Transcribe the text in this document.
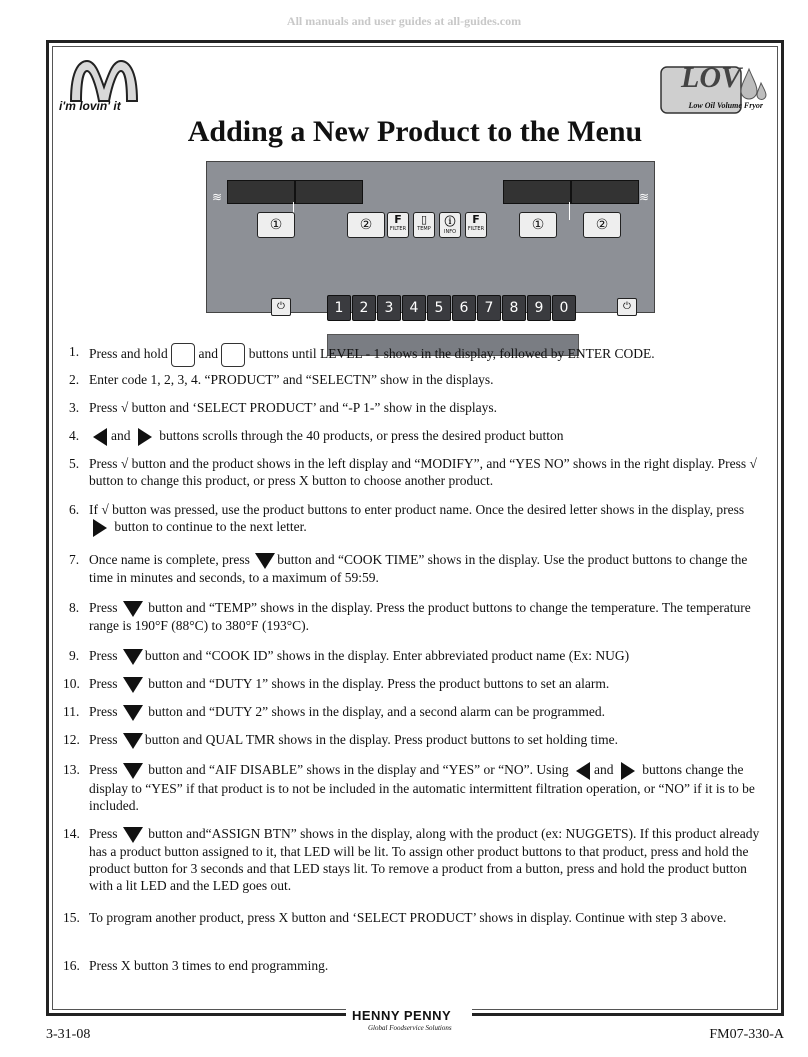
All manuals and user guides at all-guides.com
i'm lovin' it
LOV
Low Oil Volume Fryor
Adding a New Product to the Menu
≋	≋
①	②	①	②
F
FILTER
▯
TEMP
ⓘ
INFO
F
FILTER
⏻	⏻
1	2	3	4	5	6	7	8	9	0
ABC	DEF	GHI	JKL	MNO	PQR	STU	VWX	YZ-	- +
1. Press and hold  and  buttons until LEVEL - 1 shows in the display, followed by ENTER CODE.
2. Enter code 1, 2, 3, 4. “PRODUCT” and “SELECTN” show in the displays.
3. Press √ button and ‘SELECT PRODUCT’ and “-P 1-” show in the displays.
4.	and buttons scrolls through the 40 products, or press the desired product button
5. Press √ button and the product shows in the left display and “MODIFY”, and “YES NO” shows in the right display. Press √ button to change this product, or press X button to choose another product.
6. If √ button was pressed, use the product buttons to enter product name. Once the desired letter shows in the display, press  button to continue to the next letter.
7. Once name is complete, press button and “COOK TIME” shows in the display. Use the product buttons to change the time in minutes and seconds, to a maximum of 59:59.
8. Press button and “TEMP” shows in the display. Press the product buttons to change the temperature. The temperature range is 190°F (88°C) to 380°F (193°C).
9. Press button and “COOK ID” shows in the display. Enter abbreviated product name (Ex: NUG)
10. Press button and “DUTY 1” shows in the display. Press the product buttons to set an alarm.
11. Press button and “DUTY 2” shows in the display, and a second alarm can be programmed.
12. Press button and QUAL TMR shows in the display. Press product buttons to set holding time.
13. Press button and “AIF DISABLE” shows in the display and “YES” or “NO”. Using and buttons change the display to “YES” if that product is to not be included in the automatic intermittent filtration operation, or “NO” if it is to be included.
14. Press button and“ASSIGN BTN” shows in the display, along with the product (ex: NUGGETS). If this product already has a product button assigned to it, that LED will be lit. To assign other product buttons to that product, press and hold the product button for 3 seconds and that LED stays lit. To remove a product from a button, press and hold the product button with a lit LED and the LED goes out.
15. To program another product, press X button and ‘SELECT PRODUCT’ shows in display. Continue with step 3 above.
16. Press X button 3 times to end programming.
HENNY PENNY
Global Foodservice Solutions
3-31-08	FM07-330-A
